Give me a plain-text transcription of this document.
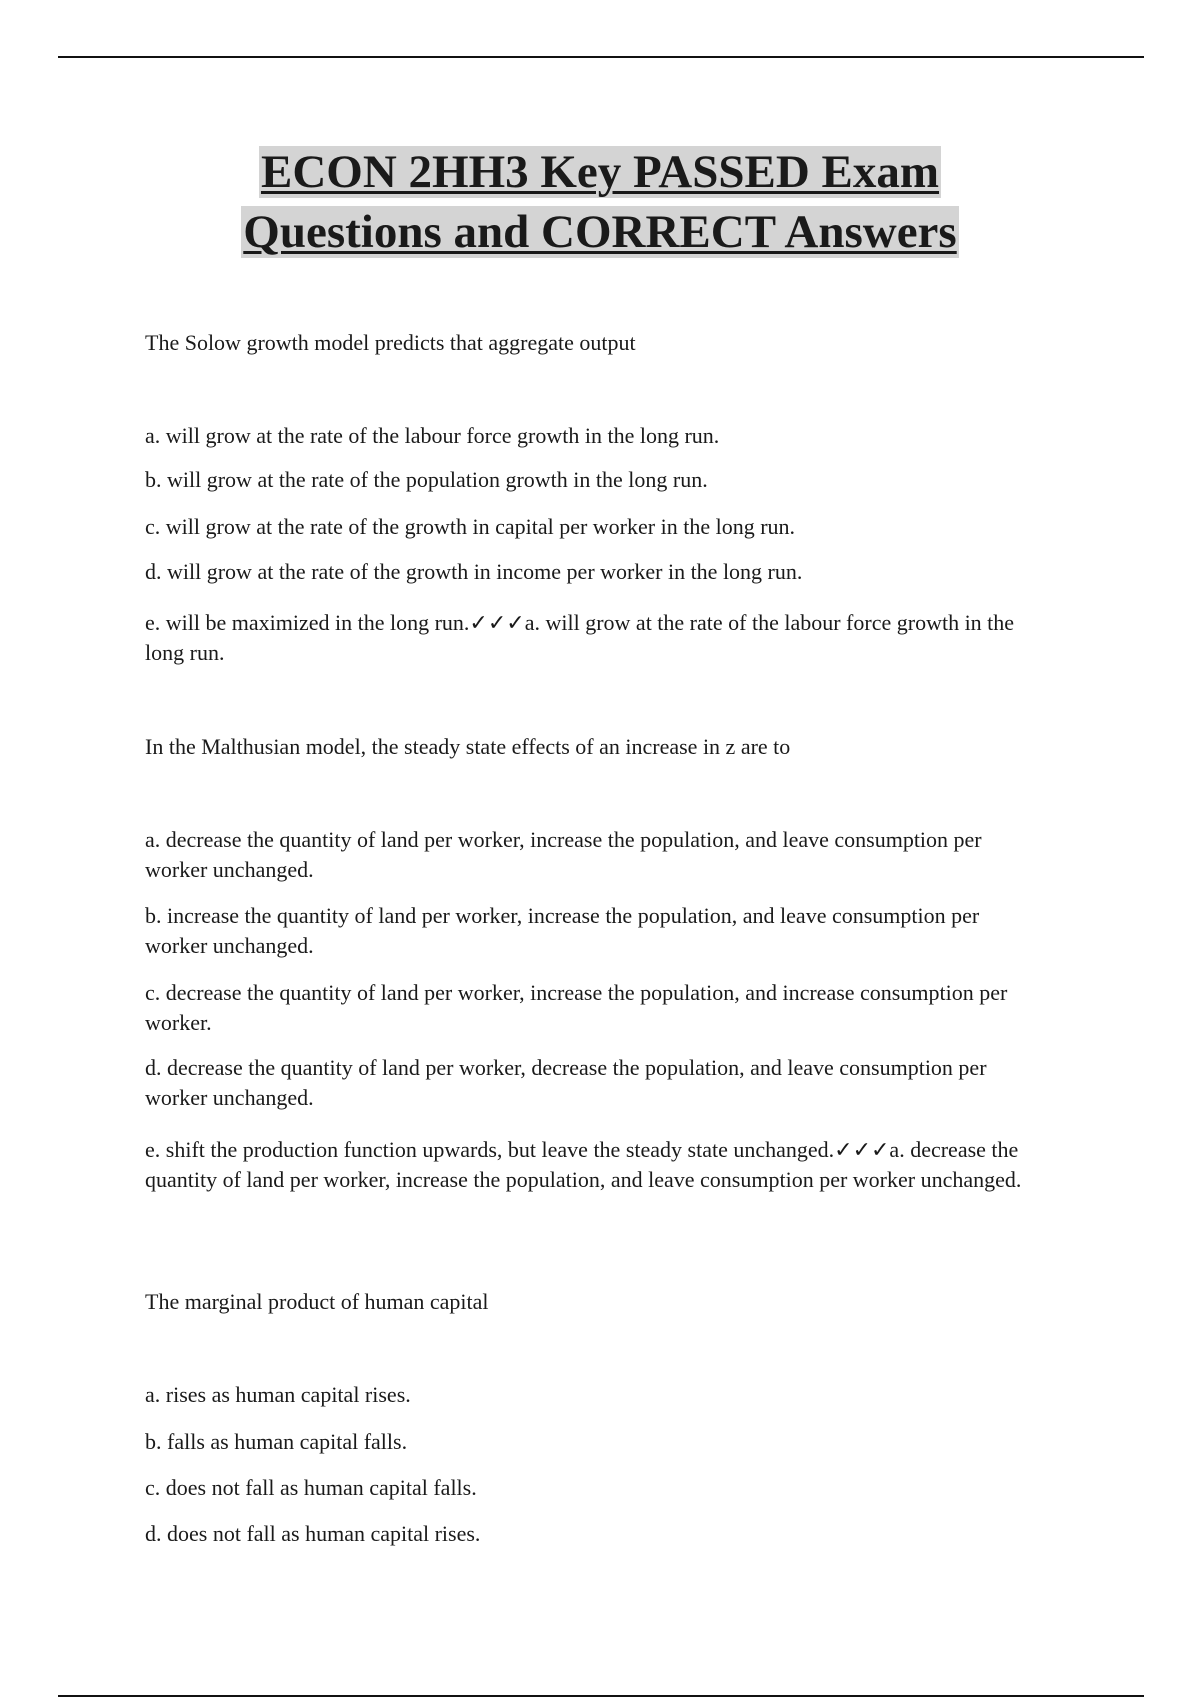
ECON 2HH3 Key PASSED Exam
Questions and CORRECT Answers

The Solow growth model predicts that aggregate output

a. will grow at the rate of the labour force growth in the long run.

b. will grow at the rate of the population growth in the long run.

c. will grow at the rate of the growth in capital per worker in the long run.

d. will grow at the rate of the growth in income per worker in the long run.

e. will be maximized in the long run.✓✓✓a. will grow at the rate of the labour force growth in the long run.

In the Malthusian model, the steady state effects of an increase in z are to

a. decrease the quantity of land per worker, increase the population, and leave consumption per worker unchanged.

b. increase the quantity of land per worker, increase the population, and leave consumption per worker unchanged.

c. decrease the quantity of land per worker, increase the population, and increase consumption per worker.

d. decrease the quantity of land per worker, decrease the population, and leave consumption per worker unchanged.

e. shift the production function upwards, but leave the steady state unchanged.✓✓✓a. decrease the quantity of land per worker, increase the population, and leave consumption per worker unchanged.

The marginal product of human capital

a. rises as human capital rises.

b. falls as human capital falls.

c. does not fall as human capital falls.

d. does not fall as human capital rises.
